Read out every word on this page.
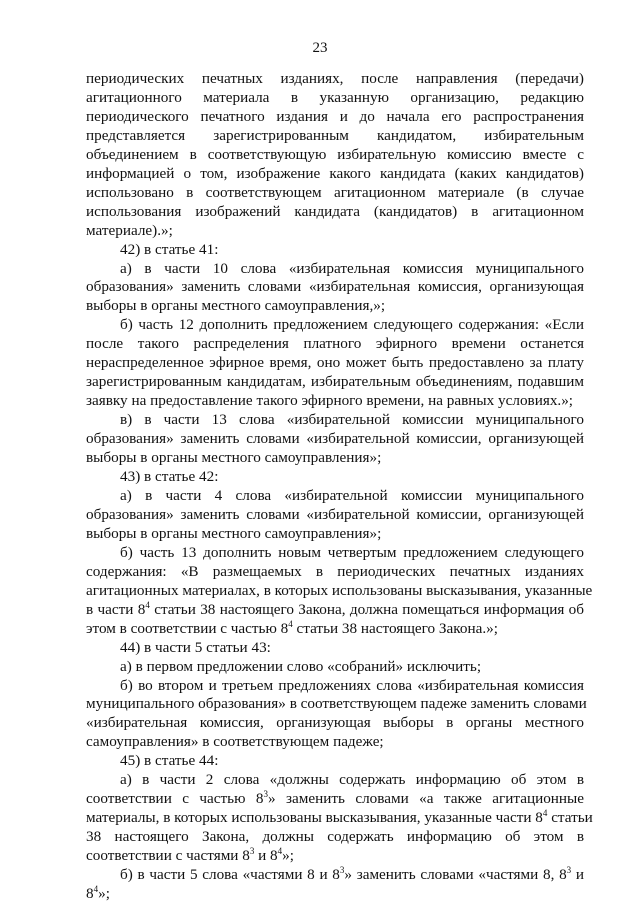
23
периодических печатных изданиях, после направления (передачи)
агитационного материала в указанную организацию, редакцию
периодического печатного издания и до начала его распространения
представляется зарегистрированным кандидатом, избирательным
объединением в соответствующую избирательную комиссию вместе с
информацией о том, изображение какого кандидата (каких кандидатов)
использовано в соответствующем агитационном материале (в случае
использования изображений кандидата (кандидатов) в агитационном
материале).»;
42) в статье 41:
а) в части 10 слова «избирательная комиссия муниципального
образования» заменить словами «избирательная комиссия, организующая
выборы в органы местного самоуправления,»;
б) часть 12 дополнить предложением следующего содержания: «Если
после такого распределения платного эфирного времени останется
нераспределенное эфирное время, оно может быть предоставлено за плату
зарегистрированным кандидатам, избирательным объединениям, подавшим
заявку на предоставление такого эфирного времени, на равных условиях.»;
в) в части 13 слова «избирательной комиссии муниципального
образования» заменить словами «избирательной комиссии, организующей
выборы в органы местного самоуправления»;
43) в статье 42:
а) в части 4 слова «избирательной комиссии муниципального
образования» заменить словами «избирательной комиссии, организующей
выборы в органы местного самоуправления»;
б) часть 13 дополнить новым четвертым предложением следующего
содержания: «В размещаемых в периодических печатных изданиях
агитационных материалах, в которых использованы высказывания, указанные
в части $8^4$ статьи 38 настоящего Закона, должна помещаться информация об
этом в соответствии с частью $8^4$ статьи 38 настоящего Закона.»;
44) в части 5 статьи 43:
а) в первом предложении слово «собраний» исключить;
б) во втором и третьем предложениях слова «избирательная комиссия
муниципального образования» в соответствующем падеже заменить словами
«избирательная комиссия, организующая выборы в органы местного
самоуправления» в соответствующем падеже;
45) в статье 44:
а) в части 2 слова «должны содержать информацию об этом в
соответствии с частью $8^3$» заменить словами «а также агитационные
материалы, в которых использованы высказывания, указанные части $8^4$ статьи
38 настоящего Закона, должны содержать информацию об этом в
соответствии с частями $8^3$ и $8^4$»;
б) в части 5 слова «частями 8 и $8^3$» заменить словами «частями 8, $8^3$ и
$8^4$»;
